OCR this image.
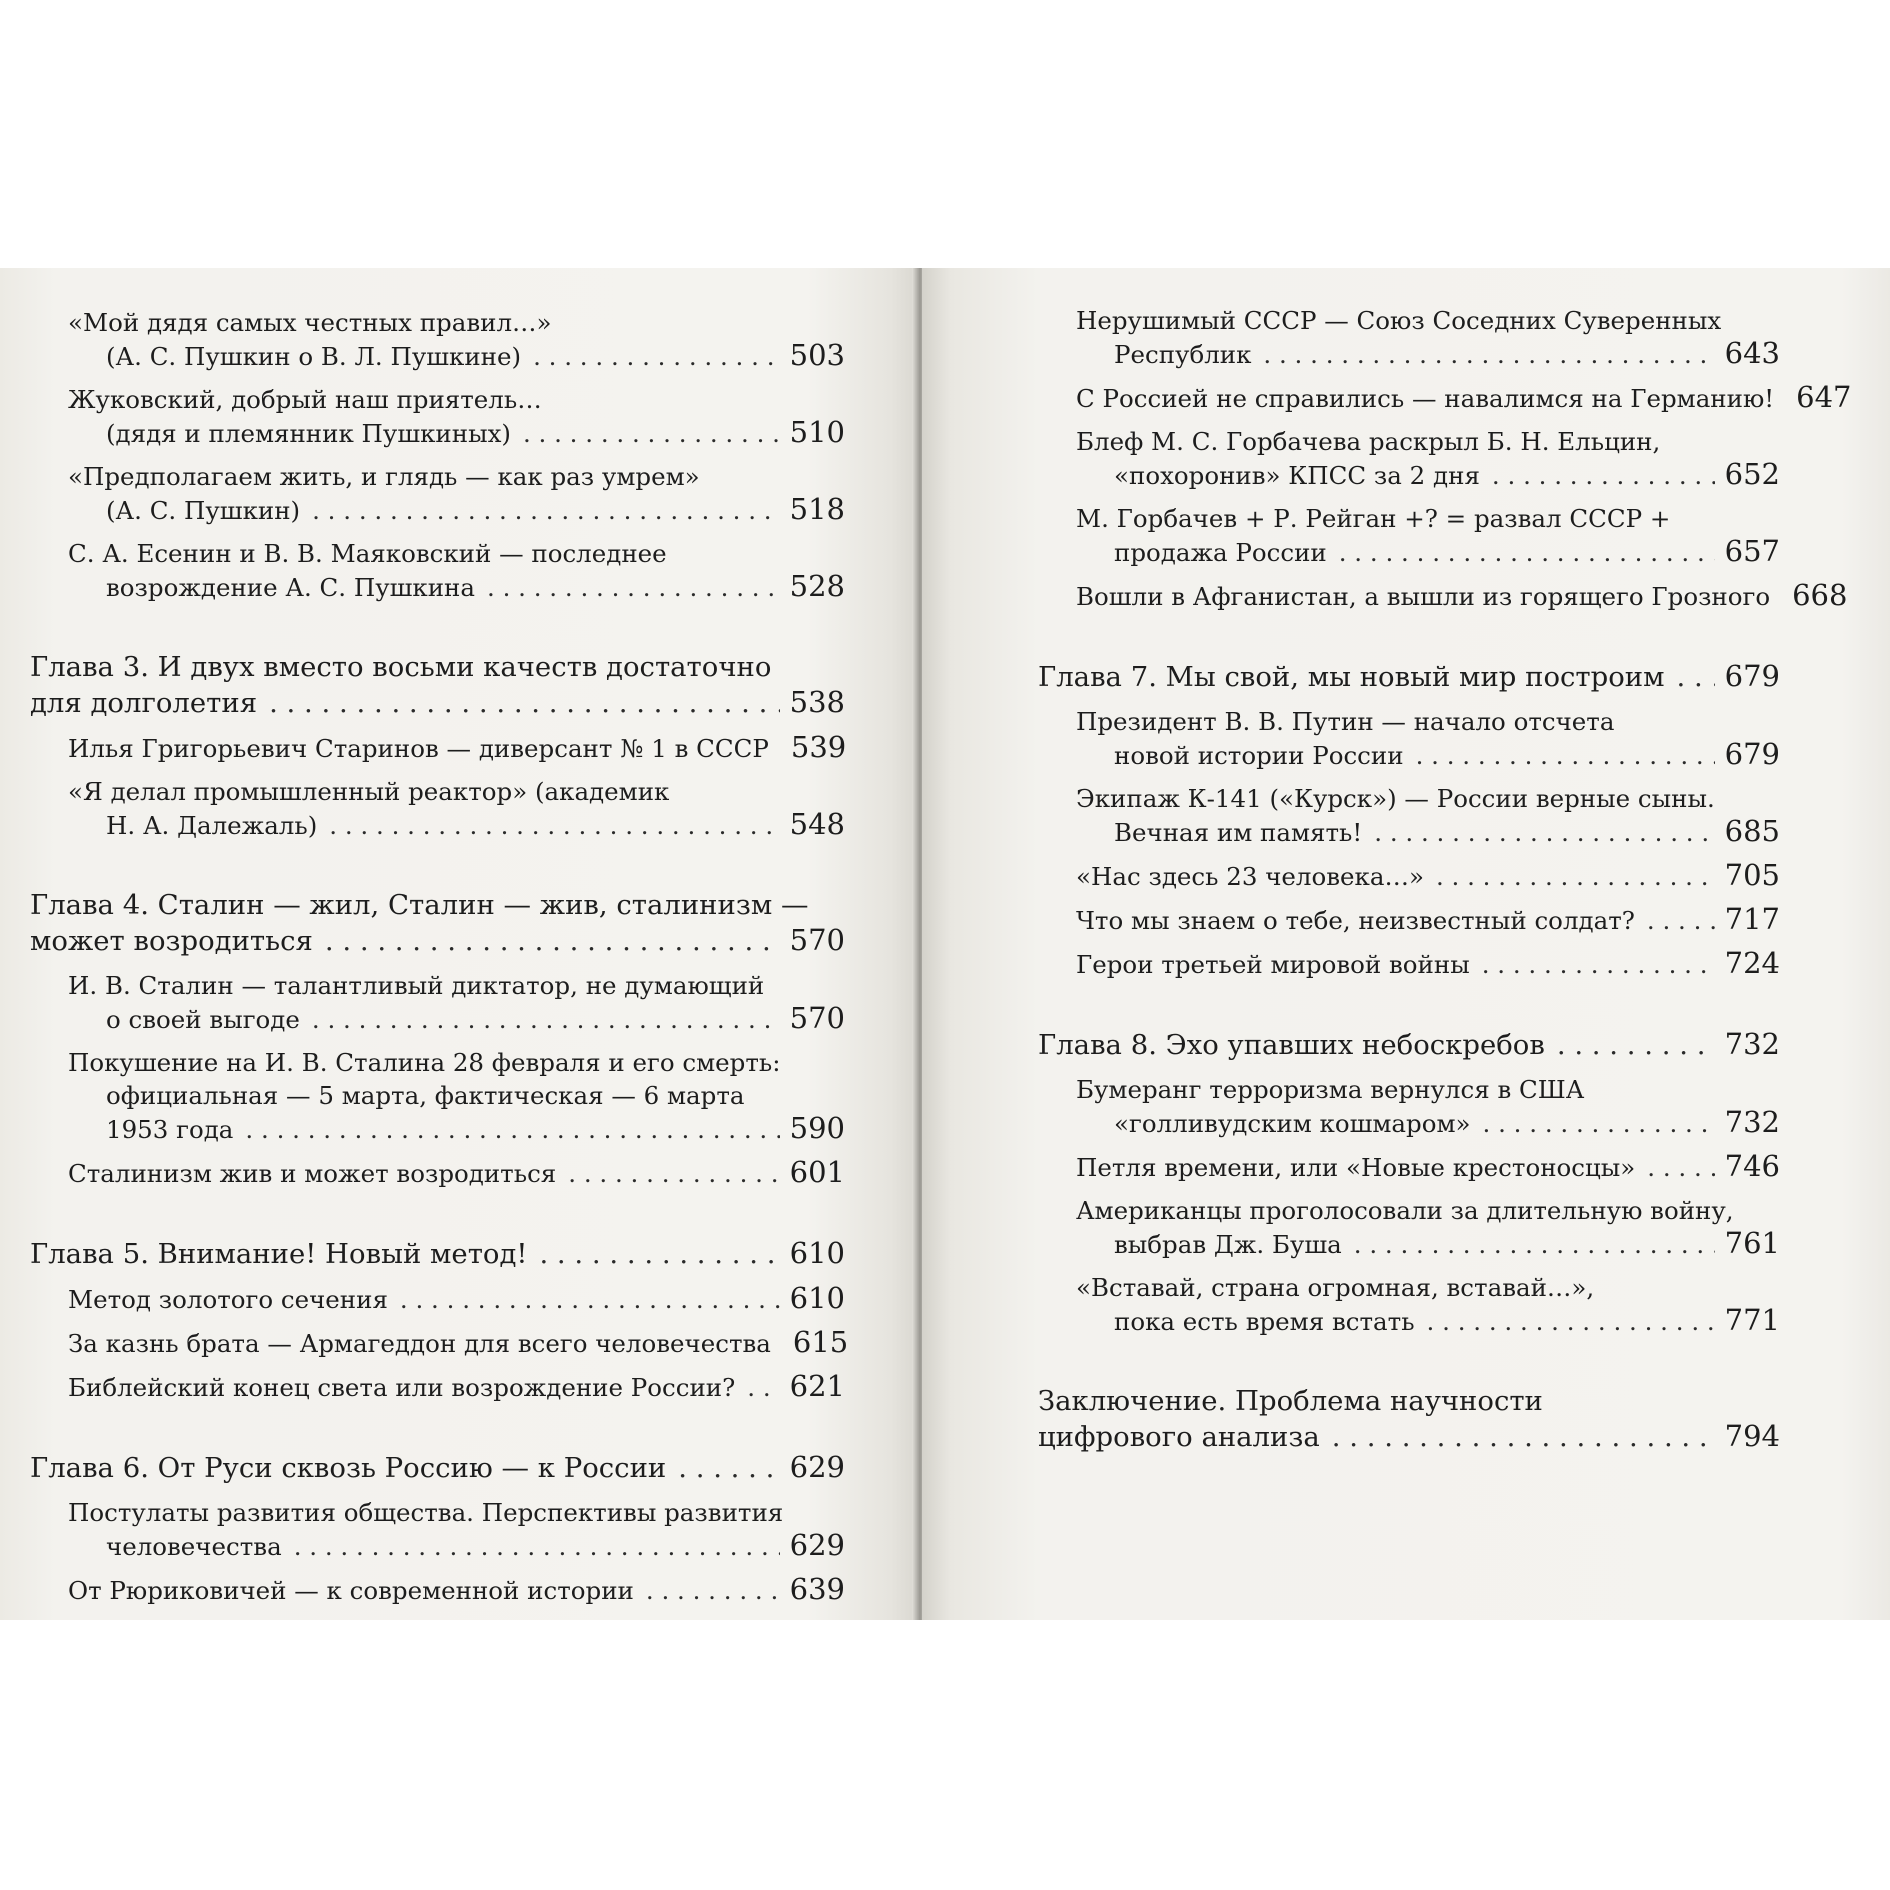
«Мой дядя самых честных правил…»
(А. С. Пушкин о В. Л. Пушкине) . . .	503
Жуковский, добрый наш приятель…
(дядя и племянник Пушкиных) . . .	510
«Предполагаем жить, и глядь — как раз умрем»
(А. С. Пушкин) . . .	518
С. А. Есенин и В. В. Маяковский — последнее
возрождение А. С. Пушкина . . .	528
Глава 3. И двух вместо восьми качеств достаточно
для долголетия . . .	538
Илья Григорьевич Старинов — диверсант № 1 в СССР 539
«Я делал промышленный реактор» (академик
Н. А. Далежаль) . . .	548
Глава 4. Сталин — жил, Сталин — жив, сталинизм —
может возродиться . . .	570
И. В. Сталин — талантливый диктатор, не думающий
о своей выгоде . . .	570
Покушение на И. В. Сталина 28 февраля и его смерть:
официальная — 5 марта, фактическая — 6 марта
1953 года . . .	590
Сталинизм жив и может возродиться . . .	601
Глава 5. Внимание! Новый метод! . . .	610
Метод золотого сечения . . .	610
За казнь брата — Армагеддон для всего человечества 615
Библейский конец света или возрождение России? . . . 621
Глава 6. От Руси сквозь Россию — к России . . .	629
Постулаты развития общества. Перспективы развития
человечества . . .	629
От Рюриковичей — к современной истории . . .	639
Нерушимый СССР — Союз Соседних Суверенных
Республик . . .	643
С Россией не справились — навалимся на Германию! 647
Блеф М. С. Горбачева раскрыл Б. Н. Ельцин,
«похоронив» КПСС за 2 дня . . .	652
М. Горбачев + Р. Рейган +? = развал СССР +
продажа России . . .	657
Вошли в Афганистан, а вышли из горящего Грозного 668
Глава 7. Мы свой, мы новый мир построим . . . 679
Президент В. В. Путин — начало отсчета
новой истории России . . .	679
Экипаж К-141 («Курск») — России верные сыны.
Вечная им память! . . .	685
«Нас здесь 23 человека…» . . .	705
Что мы знаем о тебе, неизвестный солдат? . . .	717
Герои третьей мировой войны . . .	724
Глава 8. Эхо упавших небоскребов . . .	732
Бумеранг терроризма вернулся в США
«голливудским кошмаром» . . .	732
Петля времени, или «Новые крестоносцы» . . .	746
Американцы проголосовали за длительную войну,
выбрав Дж. Буша . . .	761
«Вставай, страна огромная, вставай…»,
пока есть время встать . . .	771
Заключение. Проблема научности
цифрового анализа . . .	794
